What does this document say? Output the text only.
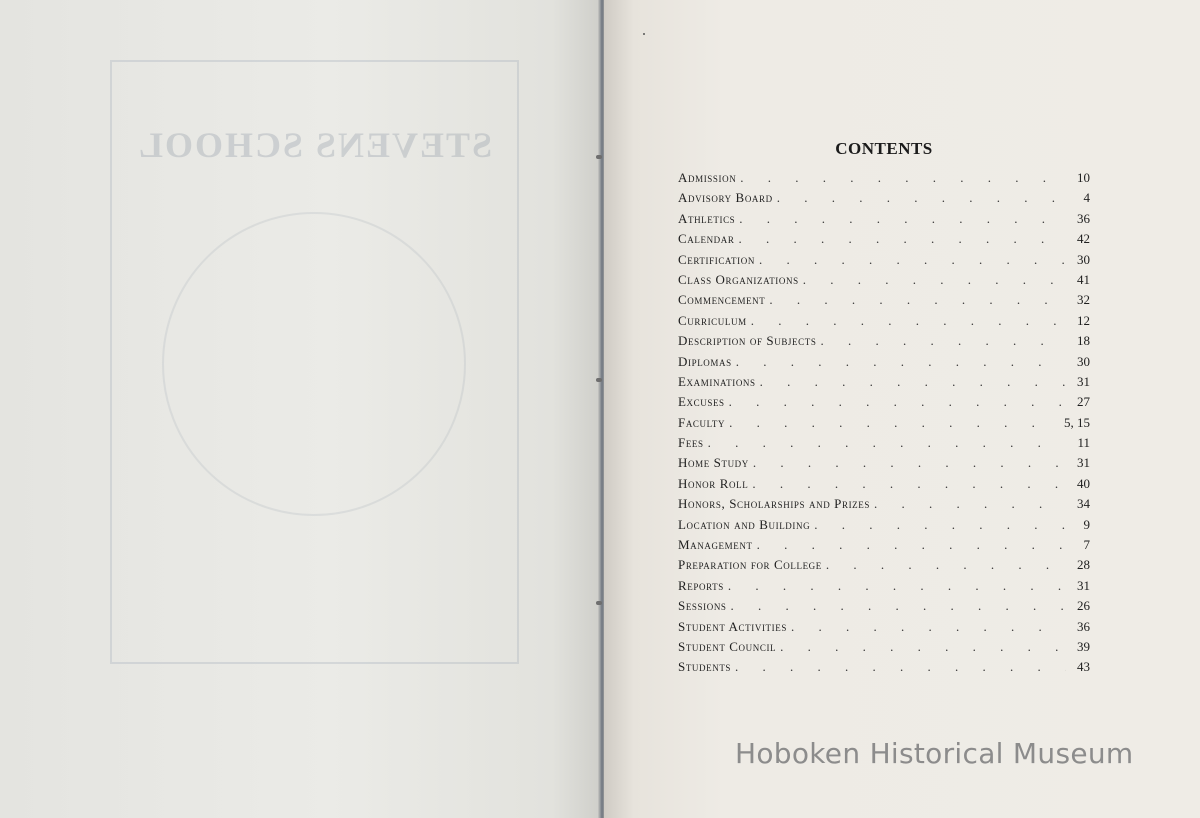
STEVENS SCHOOL	CONTENTS
Admission . . .	10
Advisory Board . . .	4
Athletics . . .	36
Calendar . . .	42
Certification . . .	30
Class Organizations . . .	41
Commencement . . .	32
Curriculum . . .	12
Description of Subjects . . .	18
Diplomas . . .	30
Examinations . . .	31
Excuses . . .	27
Faculty . . .	5, 15
Fees . . .	11
Home Study . . .	31
Honor Roll . . .	40
Honors, Scholarships and Prizes . . .	34
Location and Building . . .	9
Management . . .	7
Preparation for College . . .	28
Reports . . .	31
Sessions . . .	26
Student Activities . . .	36
Student Council . . .	39
Students . . .	43
Hoboken Historical Museum
